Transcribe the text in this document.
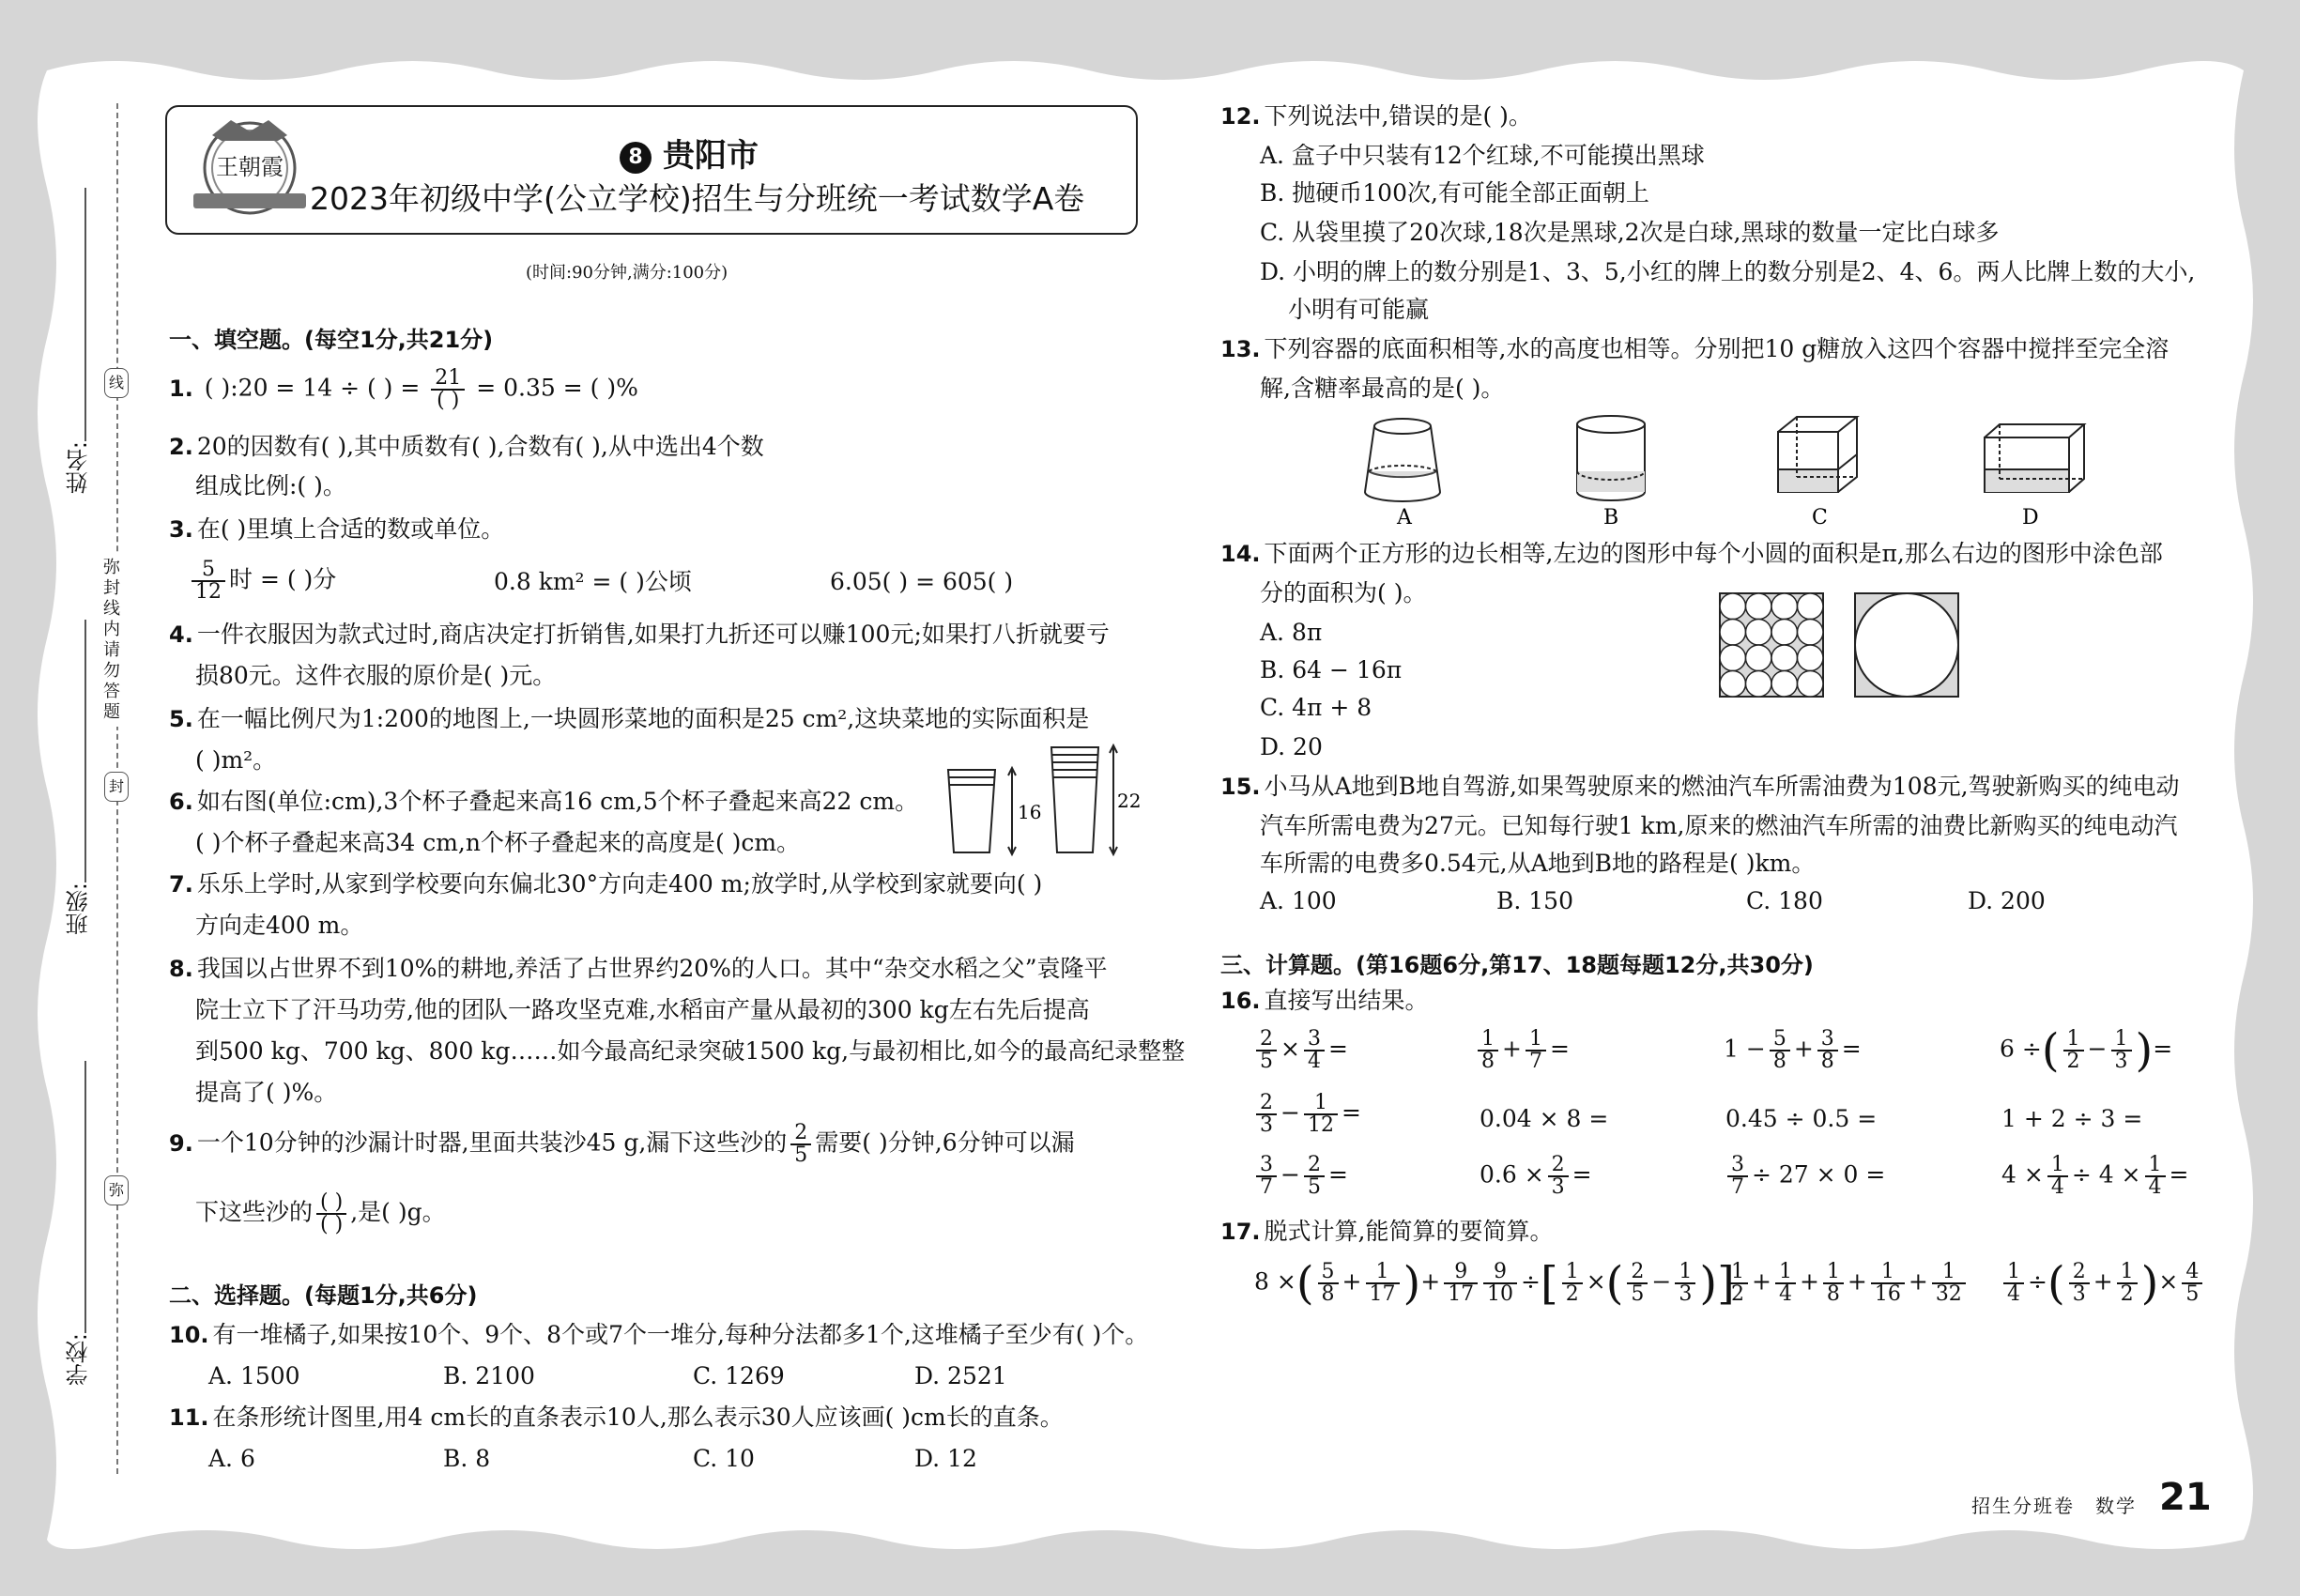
姓名:
班级:
学校:
线
封
弥
弥封线内请勿答题
王朝霞	8 贵阳市
2023年初级中学(公立学校)招生与分班统一考试数学A卷
(时间:90分钟,满分:100分)
一、填空题。(每空1分,共21分)
1. ( ):20 = 14 ÷ ( ) = $\frac{21}{( )} = 0.35$ = ( )%
2. 20的因数有( ),其中质数有( ),合数有( ),从中选出4个数
组成比例:( )。
3. 在( )里填上合适的数或单位。
$\frac{5}{12}$ 时 = ( )分	0.8 km² = ( )公顷	6.05( ) = 605( )
4. 一件衣服因为款式过时,商店决定打折销售,如果打九折还可以赚100元;如果打八折就要亏
损80元。这件衣服的原价是( )元。
5. 在一幅比例尺为1:200的地图上,一块圆形菜地的面积是25 cm²,这块菜地的实际面积是
( )m²。
6. 如右图(单位:cm),3个杯子叠起来高16 cm,5个杯子叠起来高22 cm。
( )个杯子叠起来高34 cm,n个杯子叠起来的高度是( )cm。
16	22
7. 乐乐上学时,从家到学校要向东偏北30°方向走400 m;放学时,从学校到家就要向( )
方向走400 m。
8. 我国以占世界不到10%的耕地,养活了占世界约20%的人口。其中“杂交水稻之父”袁隆平
院士立下了汗马功劳,他的团队一路攻坚克难,水稻亩产量从最初的300 kg左右先后提高
到500 kg、700 kg、800 kg……如今最高纪录突破1500 kg,与最初相比,如今的最高纪录整整
提高了( )%。
9. 一个10分钟的沙漏计时器,里面共装沙45 g,漏下这些沙的 $\frac{2}{5}$ 需要( )分钟,6分钟可以漏
下这些沙的 $\frac{( )}{( )}$ ,是( )g。
二、选择题。(每题1分,共6分)
10. 有一堆橘子,如果按10个、9个、8个或7个一堆分,每种分法都多1个,这堆橘子至少有( )个。
A. 1500	B. 2100	C. 1269	D. 2521
11. 在条形统计图里,用4 cm长的直条表示10人,那么表示30人应该画( )cm长的直条。
A. 6	B. 8	C. 10	D. 12
12. 下列说法中,错误的是( )。
A. 盒子中只装有12个红球,不可能摸出黑球
B. 抛硬币100次,有可能全部正面朝上
C. 从袋里摸了20次球,18次是黑球,2次是白球,黑球的数量一定比白球多
D. 小明的牌上的数分别是1、3、5,小红的牌上的数分别是2、4、6。两人比牌上数的大小,
小明有可能赢
13. 下列容器的底面积相等,水的高度也相等。分别把10 g糖放入这四个容器中搅拌至完全溶
解,含糖率最高的是( )。
A	B	C	D
14. 下面两个正方形的边长相等,左边的图形中每个小圆的面积是π,那么右边的图形中涂色部
分的面积为( )。
A. 8π
B. 64 − 16π
C. 4π + 8
D. 20
15. 小马从A地到B地自驾游,如果驾驶原来的燃油汽车所需油费为108元,驾驶新购买的纯电动
汽车所需电费为27元。已知每行驶1 km,原来的燃油汽车所需的油费比新购买的纯电动汽
车所需的电费多0.54元,从A地到B地的路程是( )km。
A. 100	B. 150	C. 180	D. 200
三、计算题。(第16题6分,第17、18题每题12分,共30分)
16. 直接写出结果。
$\frac{2}{5} \times \frac{3}{4}$ =	$\frac{1}{8} + \frac{1}{7}$ =	$1 - \frac{5}{8} + \frac{3}{8}$ =	6 ÷( $\frac{1}{2} - \frac{1}{3}$ )=
$\frac{2}{3} - \frac{1}{12}$ =	0.04 × 8 =	0.45 ÷ 0.5 =	1 + 2 ÷ 3 =
$\frac{3}{7} - \frac{2}{5}$ =	$0.6 \times \frac{2}{3}$ =	$\frac{3}{7} \div 27 \times 0$ =	$4 \times \frac{1}{4} \div 4 \times \frac{1}{4}$ =
17. 脱式计算,能简算的要简算。
8 ×( $\frac{5}{8} + \frac{1}{17}$ )+ $\frac{9}{17} \frac{9}{10}$ ÷[ $\frac{1}{2}$ ×( $\frac{2}{5} - \frac{1}{3}$ )]
$\frac{1}{2} + \frac{1}{4} + \frac{1}{8} + \frac{1}{16} + \frac{1}{32} \frac{1}{4}$ ÷( $\frac{2}{3} + \frac{1}{2}$ )× $\frac{4}{5}$
招生分班卷　数学 21
